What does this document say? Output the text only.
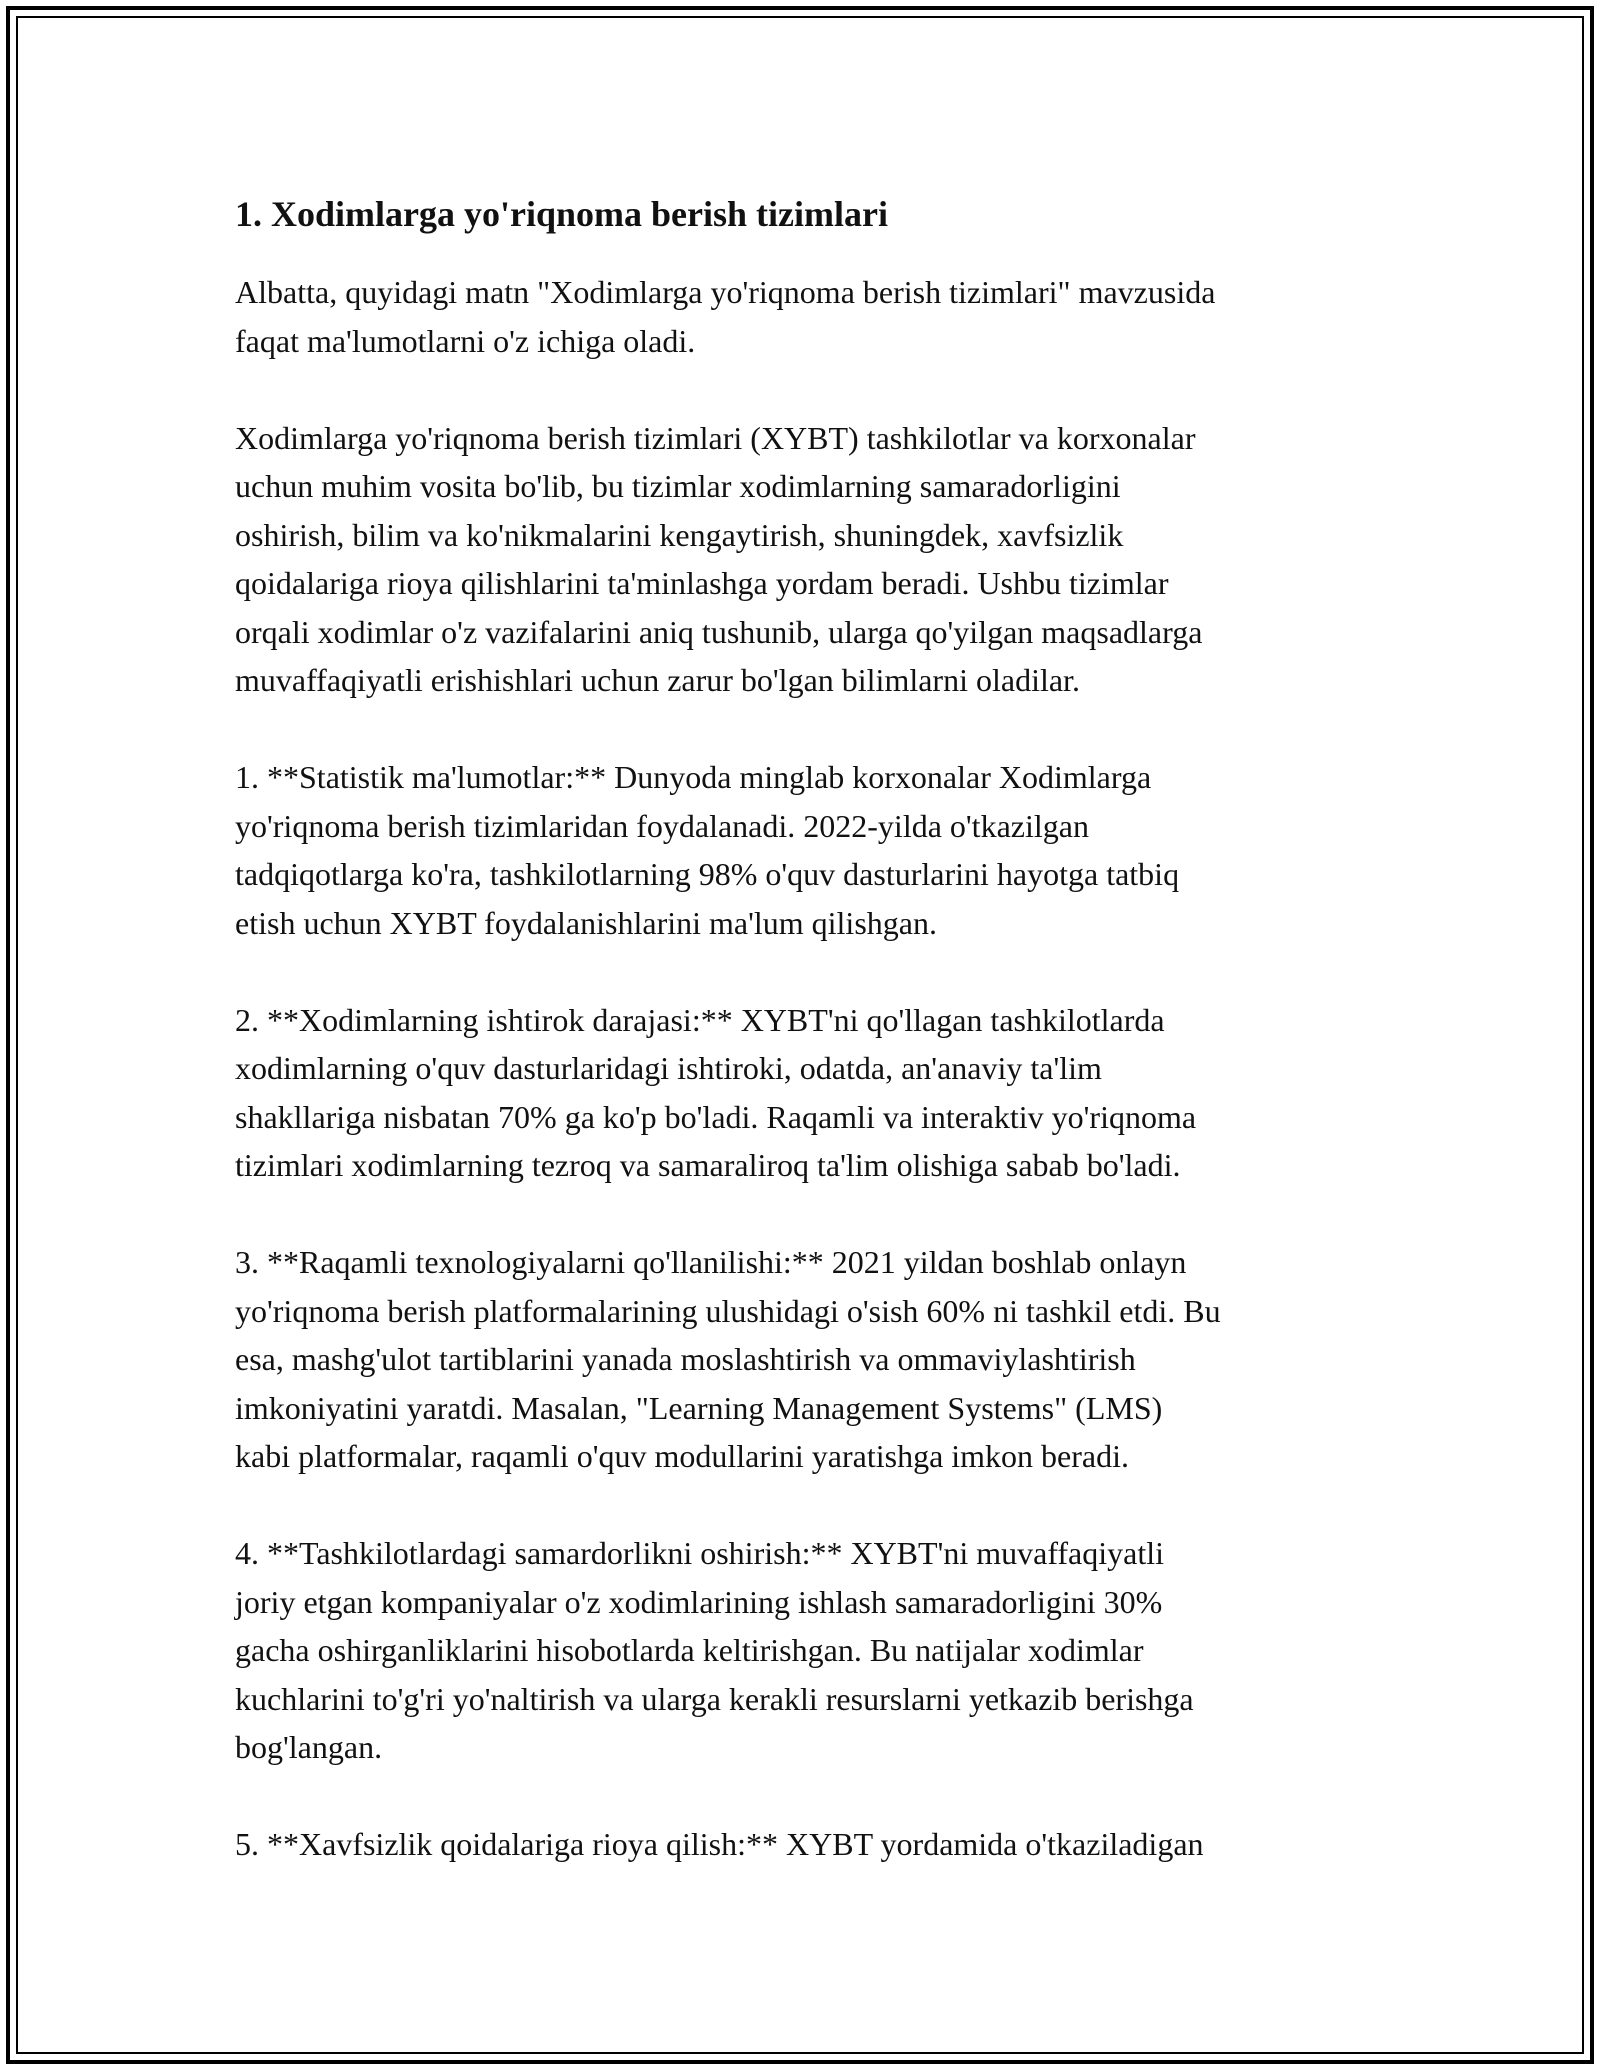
1. Xodimlarga yo'riqnoma berish tizimlari

Albatta, quyidagi matn "Xodimlarga yo'riqnoma berish tizimlari" mavzusida
faqat ma'lumotlarni o'z ichiga oladi.

Xodimlarga yo'riqnoma berish tizimlari (XYBT) tashkilotlar va korxonalar
uchun muhim vosita bo'lib, bu tizimlar xodimlarning samaradorligini
oshirish, bilim va ko'nikmalarini kengaytirish, shuningdek, xavfsizlik
qoidalariga rioya qilishlarini ta'minlashga yordam beradi. Ushbu tizimlar
orqali xodimlar o'z vazifalarini aniq tushunib, ularga qo'yilgan maqsadlarga
muvaffaqiyatli erishishlari uchun zarur bo'lgan bilimlarni oladilar.

1. **Statistik ma'lumotlar:** Dunyoda minglab korxonalar Xodimlarga
yo'riqnoma berish tizimlaridan foydalanadi. 2022-yilda o'tkazilgan
tadqiqotlarga ko'ra, tashkilotlarning 98% o'quv dasturlarini hayotga tatbiq
etish uchun XYBT foydalanishlarini ma'lum qilishgan.

2. **Xodimlarning ishtirok darajasi:** XYBT'ni qo'llagan tashkilotlarda
xodimlarning o'quv dasturlaridagi ishtiroki, odatda, an'anaviy ta'lim
shakllariga nisbatan 70% ga ko'p bo'ladi. Raqamli va interaktiv yo'riqnoma
tizimlari xodimlarning tezroq va samaraliroq ta'lim olishiga sabab bo'ladi.

3. **Raqamli texnologiyalarni qo'llanilishi:** 2021 yildan boshlab onlayn
yo'riqnoma berish platformalarining ulushidagi o'sish 60% ni tashkil etdi. Bu
esa, mashg'ulot tartiblarini yanada moslashtirish va ommaviylashtirish
imkoniyatini yaratdi. Masalan, "Learning Management Systems" (LMS)
kabi platformalar, raqamli o'quv modullarini yaratishga imkon beradi.

4. **Tashkilotlardagi samardorlikni oshirish:** XYBT'ni muvaffaqiyatli
joriy etgan kompaniyalar o'z xodimlarining ishlash samaradorligini 30%
gacha oshirganliklarini hisobotlarda keltirishgan. Bu natijalar xodimlar
kuchlarini to'g'ri yo'naltirish va ularga kerakli resurslarni yetkazib berishga
bog'langan.

5. **Xavfsizlik qoidalariga rioya qilish:** XYBT yordamida o'tkaziladigan
